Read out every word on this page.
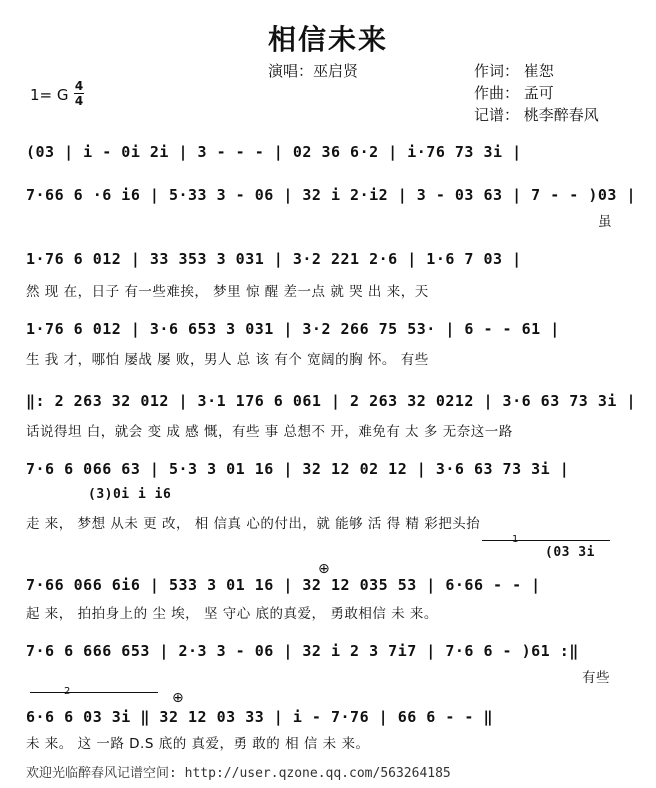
相信未来
演唱：巫启贤	作词： 崔恕
作曲： 孟可
记谱： 桃李醉春风
1= G 4
4
(03 | i - 0i 2i | 3 - - - | 02 36 6·2 | i·76 73 3i |
7·66 6 ·6 i6 | 5·33 3 - 06 | 32 i 2·i2 | 3 - 03 63 | 7 - - )03 |
虽
1·76 6 012 | 33 353 3 031 | 3·2 221 2·6 | 1·6 7 03 |
然 现 在，日子 有一些难挨， 梦里 惊 醒 差一点 就 哭 出 来，天
1·76 6 012 | 3·6 653 3 031 | 3·2 266 75 53· | 6 - - 61 |
生 我 才，哪怕 屡战 屡 败，男人 总 该 有个 宽阔的胸 怀。 有些
‖: 2 263 32 012 | 3·1 176 6 061 | 2 263 32 0212 | 3·6 63 73 3i |
话说得坦 白，就会 变 成 感 慨，有些 事 总想不 开，难免有 太 多 无奈这一路
7·6 6 066 63 | 5·3 3 01 16 | 32 12 02 12 | 3·6 63 73 3i |
(3)0i i i6
走 来， 梦想 从未 更 改， 相 信真 心的付出，就 能够 活 得 精 彩把头抬
1
(03 3i
7·66 066 6i6 | 533 3 01 16 | 32 12 035 53 | 6·66 - - |
⊕
起 来， 拍拍身上的 尘 埃， 坚 守心 底的真爱， 勇敢相信 未 来。
7·6 6 666 653 | 2·3 3 - 06 | 32 i 2 3 7i7 | 7·6 6 - )61 :‖
有些
2	⊕
6·6 6 03 3i ‖ 32 12 03 33 | i - 7·76 | 66 6 - - ‖
未 来。 这 一路 D.S 底的 真爱，勇 敢的 相 信 未 来。
欢迎光临醉春风记谱空间: http://user.qzone.qq.com/563264185
